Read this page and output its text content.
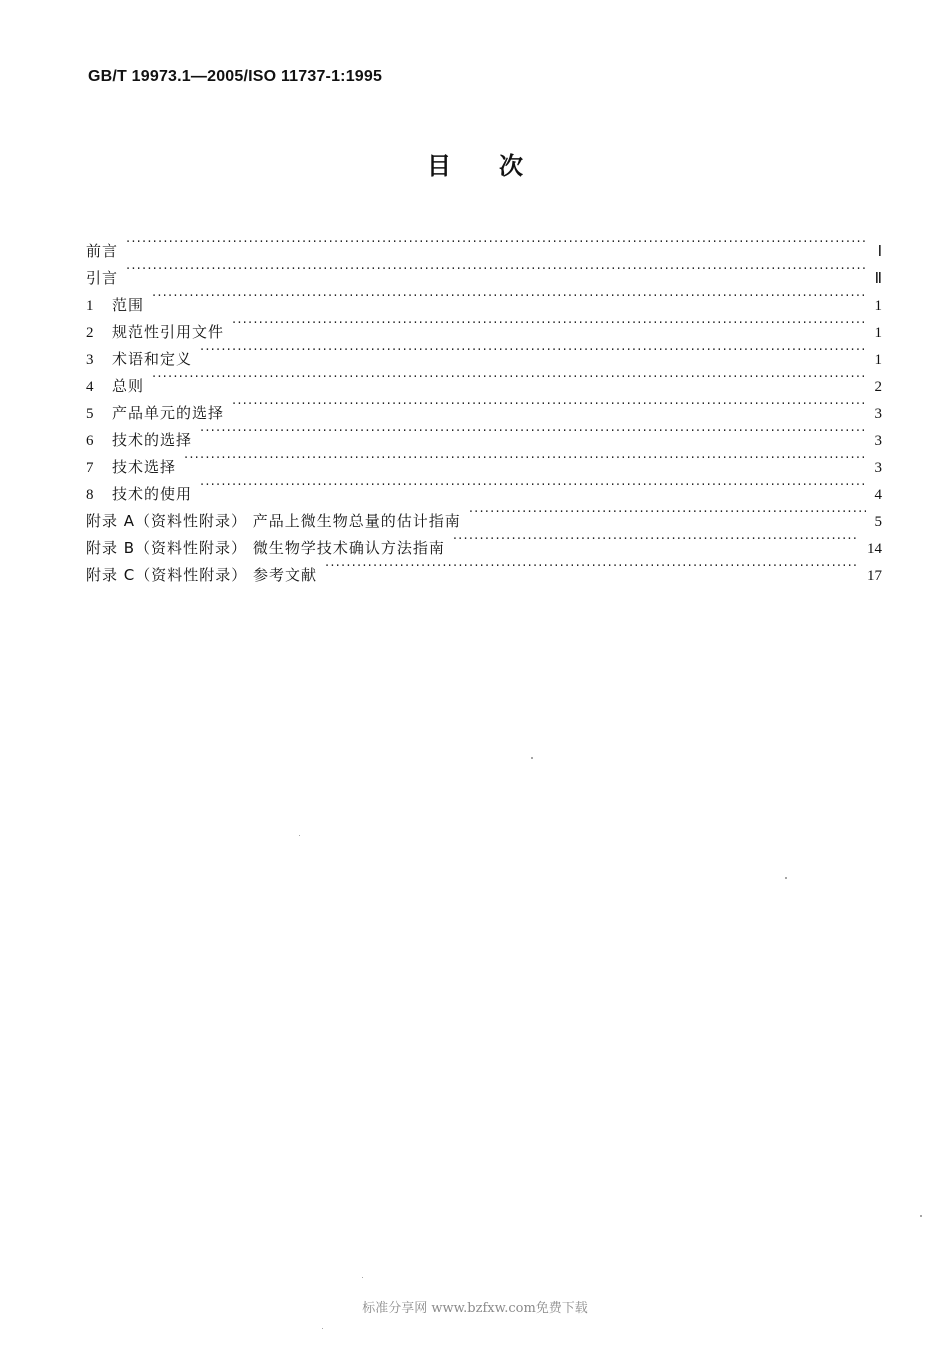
GB/T 19973.1—2005/ISO 11737-1:1995
目次
前言 ·····	Ⅰ
引言 ·····	Ⅱ
1	范围 ·····	1
2	规范性引用文件 ·····	1
3	术语和定义 ·····	1
4	总则 ·····	2
5	产品单元的选择 ·····	3
6	技术的选择 ·····	3
7	技术选择 ·····	3
8	技术的使用 ·····	4
附录 A（资料性附录） 产品上微生物总量的估计指南 ·····	5
附录 B（资料性附录） 微生物学技术确认方法指南 ·····	14
附录 C（资料性附录） 参考文献 ·····	17
标准分享网 www.bzfxw.com免费下载
